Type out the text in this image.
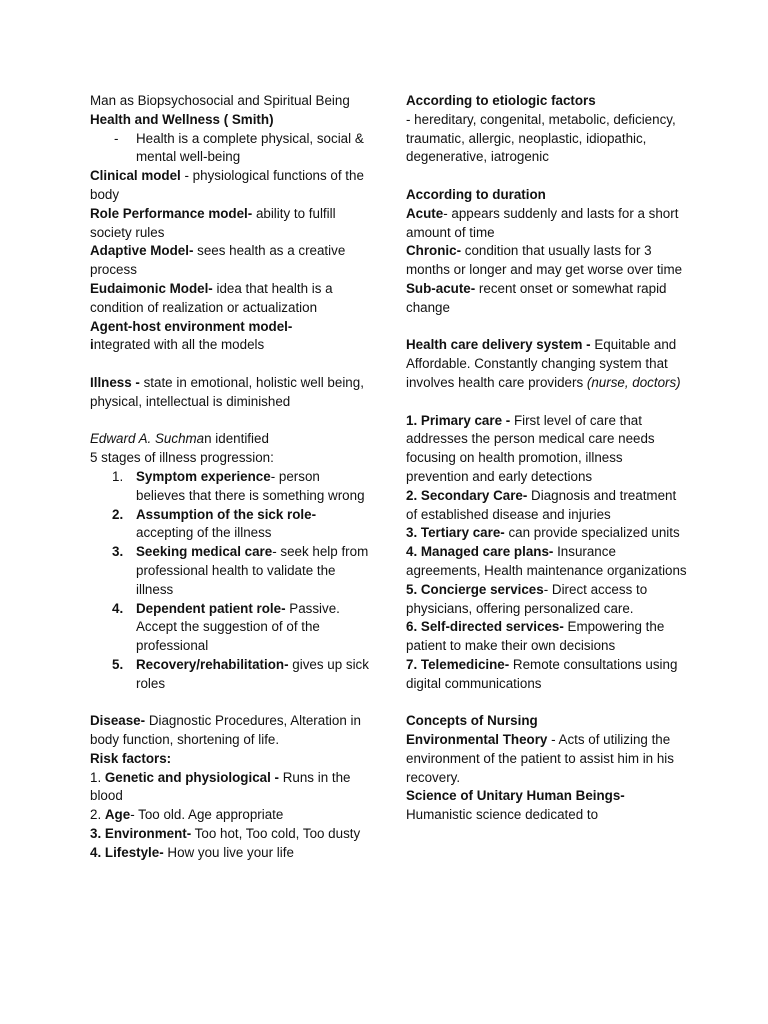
Man as Biopsychosocial and Spiritual Being

Health and Wellness ( Smith)

-	Health is a complete physical, social & mental well-being

Clinical model - physiological functions of the body

Role Performance model- ability to fulfill society rules

Adaptive Model- sees health as a creative process

Eudaimonic Model- idea that health is a condition of realization or actualization

Agent-host environment model-
integrated with all the models

Illness - state in emotional, holistic well being, physical, intellectual is diminished

Edward A. Suchman identified

5 stages of illness progression:

1. Symptom experience- person believes that there is something wrong
2. Assumption of the sick role- accepting of the illness
3. Seeking medical care- seek help from professional health to validate the illness
4. Dependent patient role- Passive. Accept the suggestion of of the professional
5. Recovery/rehabilitation- gives up sick roles

Disease- Diagnostic Procedures, Alteration in body function, shortening of life.

Risk factors:

1. Genetic and physiological - Runs in the blood

2. Age- Too old. Age appropriate

3. Environment- Too hot, Too cold, Too dusty

4. Lifestyle- How you live your life

According to etiologic factors

- hereditary, congenital, metabolic, deficiency, traumatic, allergic, neoplastic, idiopathic, degenerative, iatrogenic

According to duration

Acute- appears suddenly and lasts for a short amount of time

Chronic- condition that usually lasts for 3 months or longer and may get worse over time

Sub-acute- recent onset or somewhat rapid change

Health care delivery system - Equitable and Affordable. Constantly changing system that involves health care providers (nurse, doctors)

1. Primary care - First level of care that addresses the person medical care needs focusing on health promotion, illness prevention and early detections

2. Secondary Care- Diagnosis and treatment of established disease and injuries

3. Tertiary care- can provide specialized units

4. Managed care plans- Insurance agreements, Health maintenance organizations

5. Concierge services- Direct access to physicians, offering personalized care.

6. Self-directed services- Empowering the patient to make their own decisions

7. Telemedicine- Remote consultations using digital communications

Concepts of Nursing

Environmental Theory - Acts of utilizing the environment of the patient to assist him in his recovery.

Science of Unitary Human Beings-
Humanistic science dedicated to
